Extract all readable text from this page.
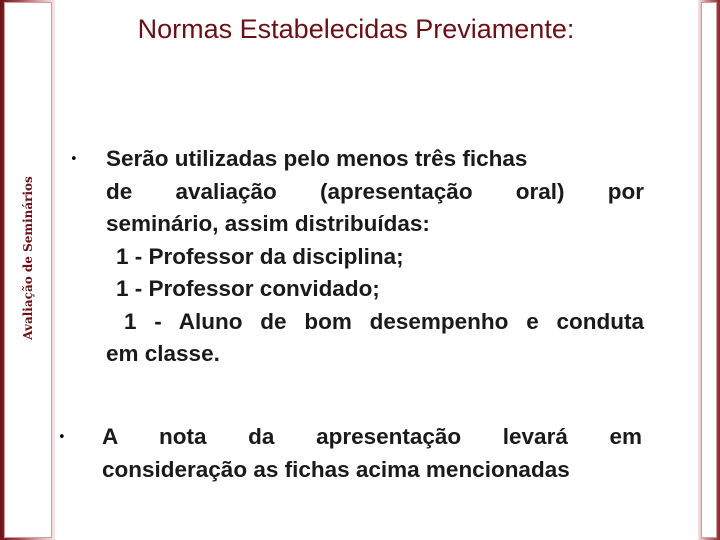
Avaliação de Seminários
Normas Estabelecidas Previamente:
• Serão utilizadas pelo menos três fichas
de avaliação (apresentação oral) por
seminário, assim distribuídas:
1 - Professor da disciplina;
1 - Professor convidado;
1 - Aluno de bom desempenho e conduta
em classe.
• A nota da apresentação levará em
consideração as fichas acima mencionadas
